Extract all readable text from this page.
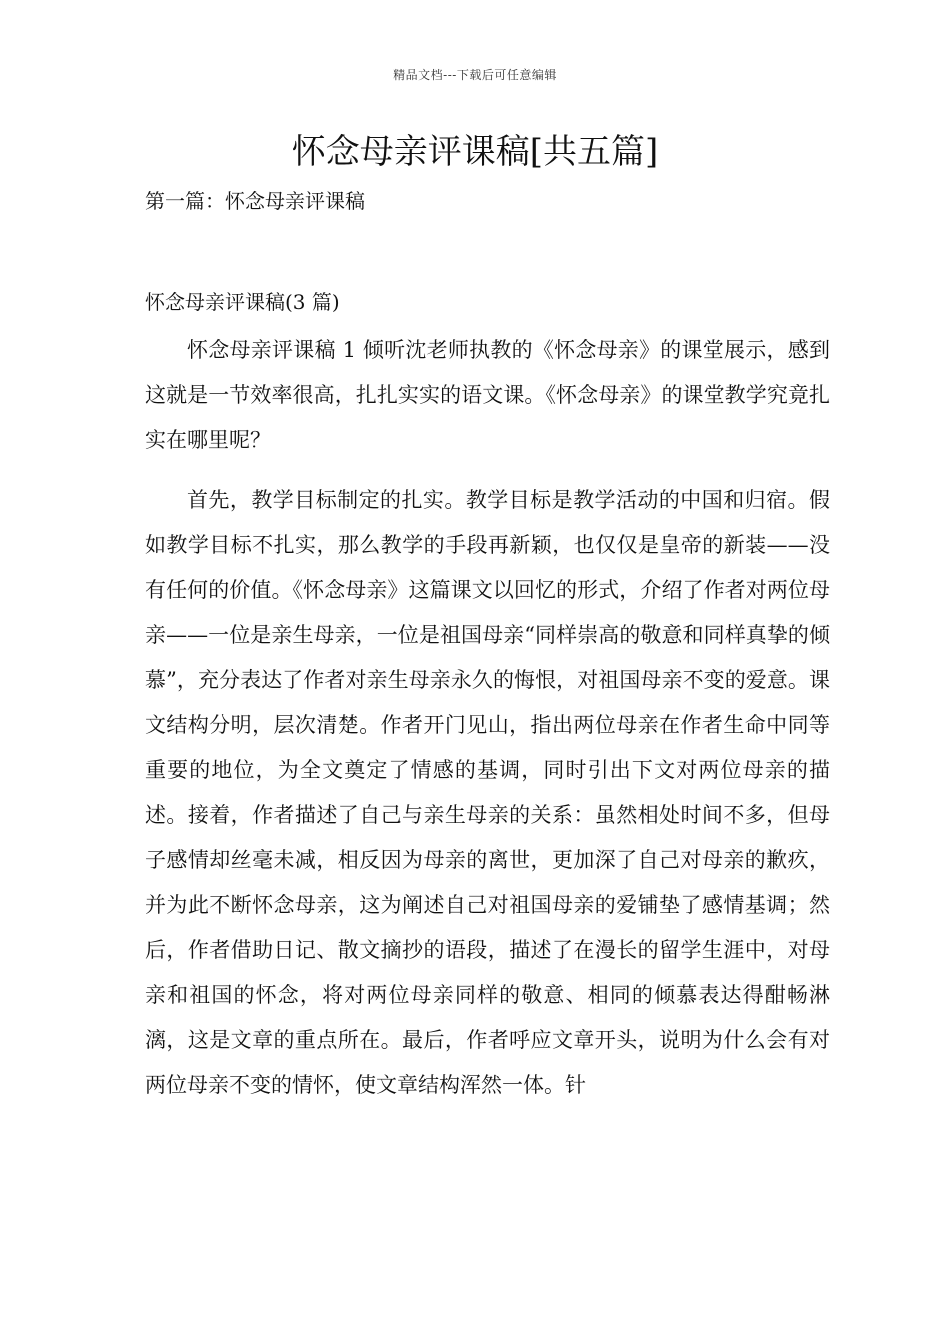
精品文档---下载后可任意编辑
怀念母亲评课稿[共五篇]
第一篇：怀念母亲评课稿
怀念母亲评课稿(3 篇)

怀念母亲评课稿 1 倾听沈老师执教的《怀念母亲》的课堂展示，感到这就是一节效率很高，扎扎实实的语文课。《怀念母亲》的课堂教学究竟扎实在哪里呢？

首先，教学目标制定的扎实。教学目标是教学活动的中国和归宿。假如教学目标不扎实，那么教学的手段再新颖，也仅仅是皇帝的新装——没有任何的价值。《怀念母亲》这篇课文以回忆的形式，介绍了作者对两位母亲——一位是亲生母亲，一位是祖国母亲“同样崇高的敬意和同样真挚的倾慕”，充分表达了作者对亲生母亲永久的悔恨，对祖国母亲不变的爱意。课文结构分明，层次清楚。作者开门见山，指出两位母亲在作者生命中同等重要的地位，为全文奠定了情感的基调，同时引出下文对两位母亲的描述。接着，作者描述了自己与亲生母亲的关系：虽然相处时间不多，但母子感情却丝毫未减，相反因为母亲的离世，更加深了自己对母亲的歉疚，并为此不断怀念母亲，这为阐述自己对祖国母亲的爱铺垫了感情基调；然后，作者借助日记、散文摘抄的语段，描述了在漫长的留学生涯中，对母亲和祖国的怀念，将对两位母亲同样的敬意、相同的倾慕表达得酣畅淋漓，这是文章的重点所在。最后，作者呼应文章开头，说明为什么会有对两位母亲不变的情怀，使文章结构浑然一体。针
